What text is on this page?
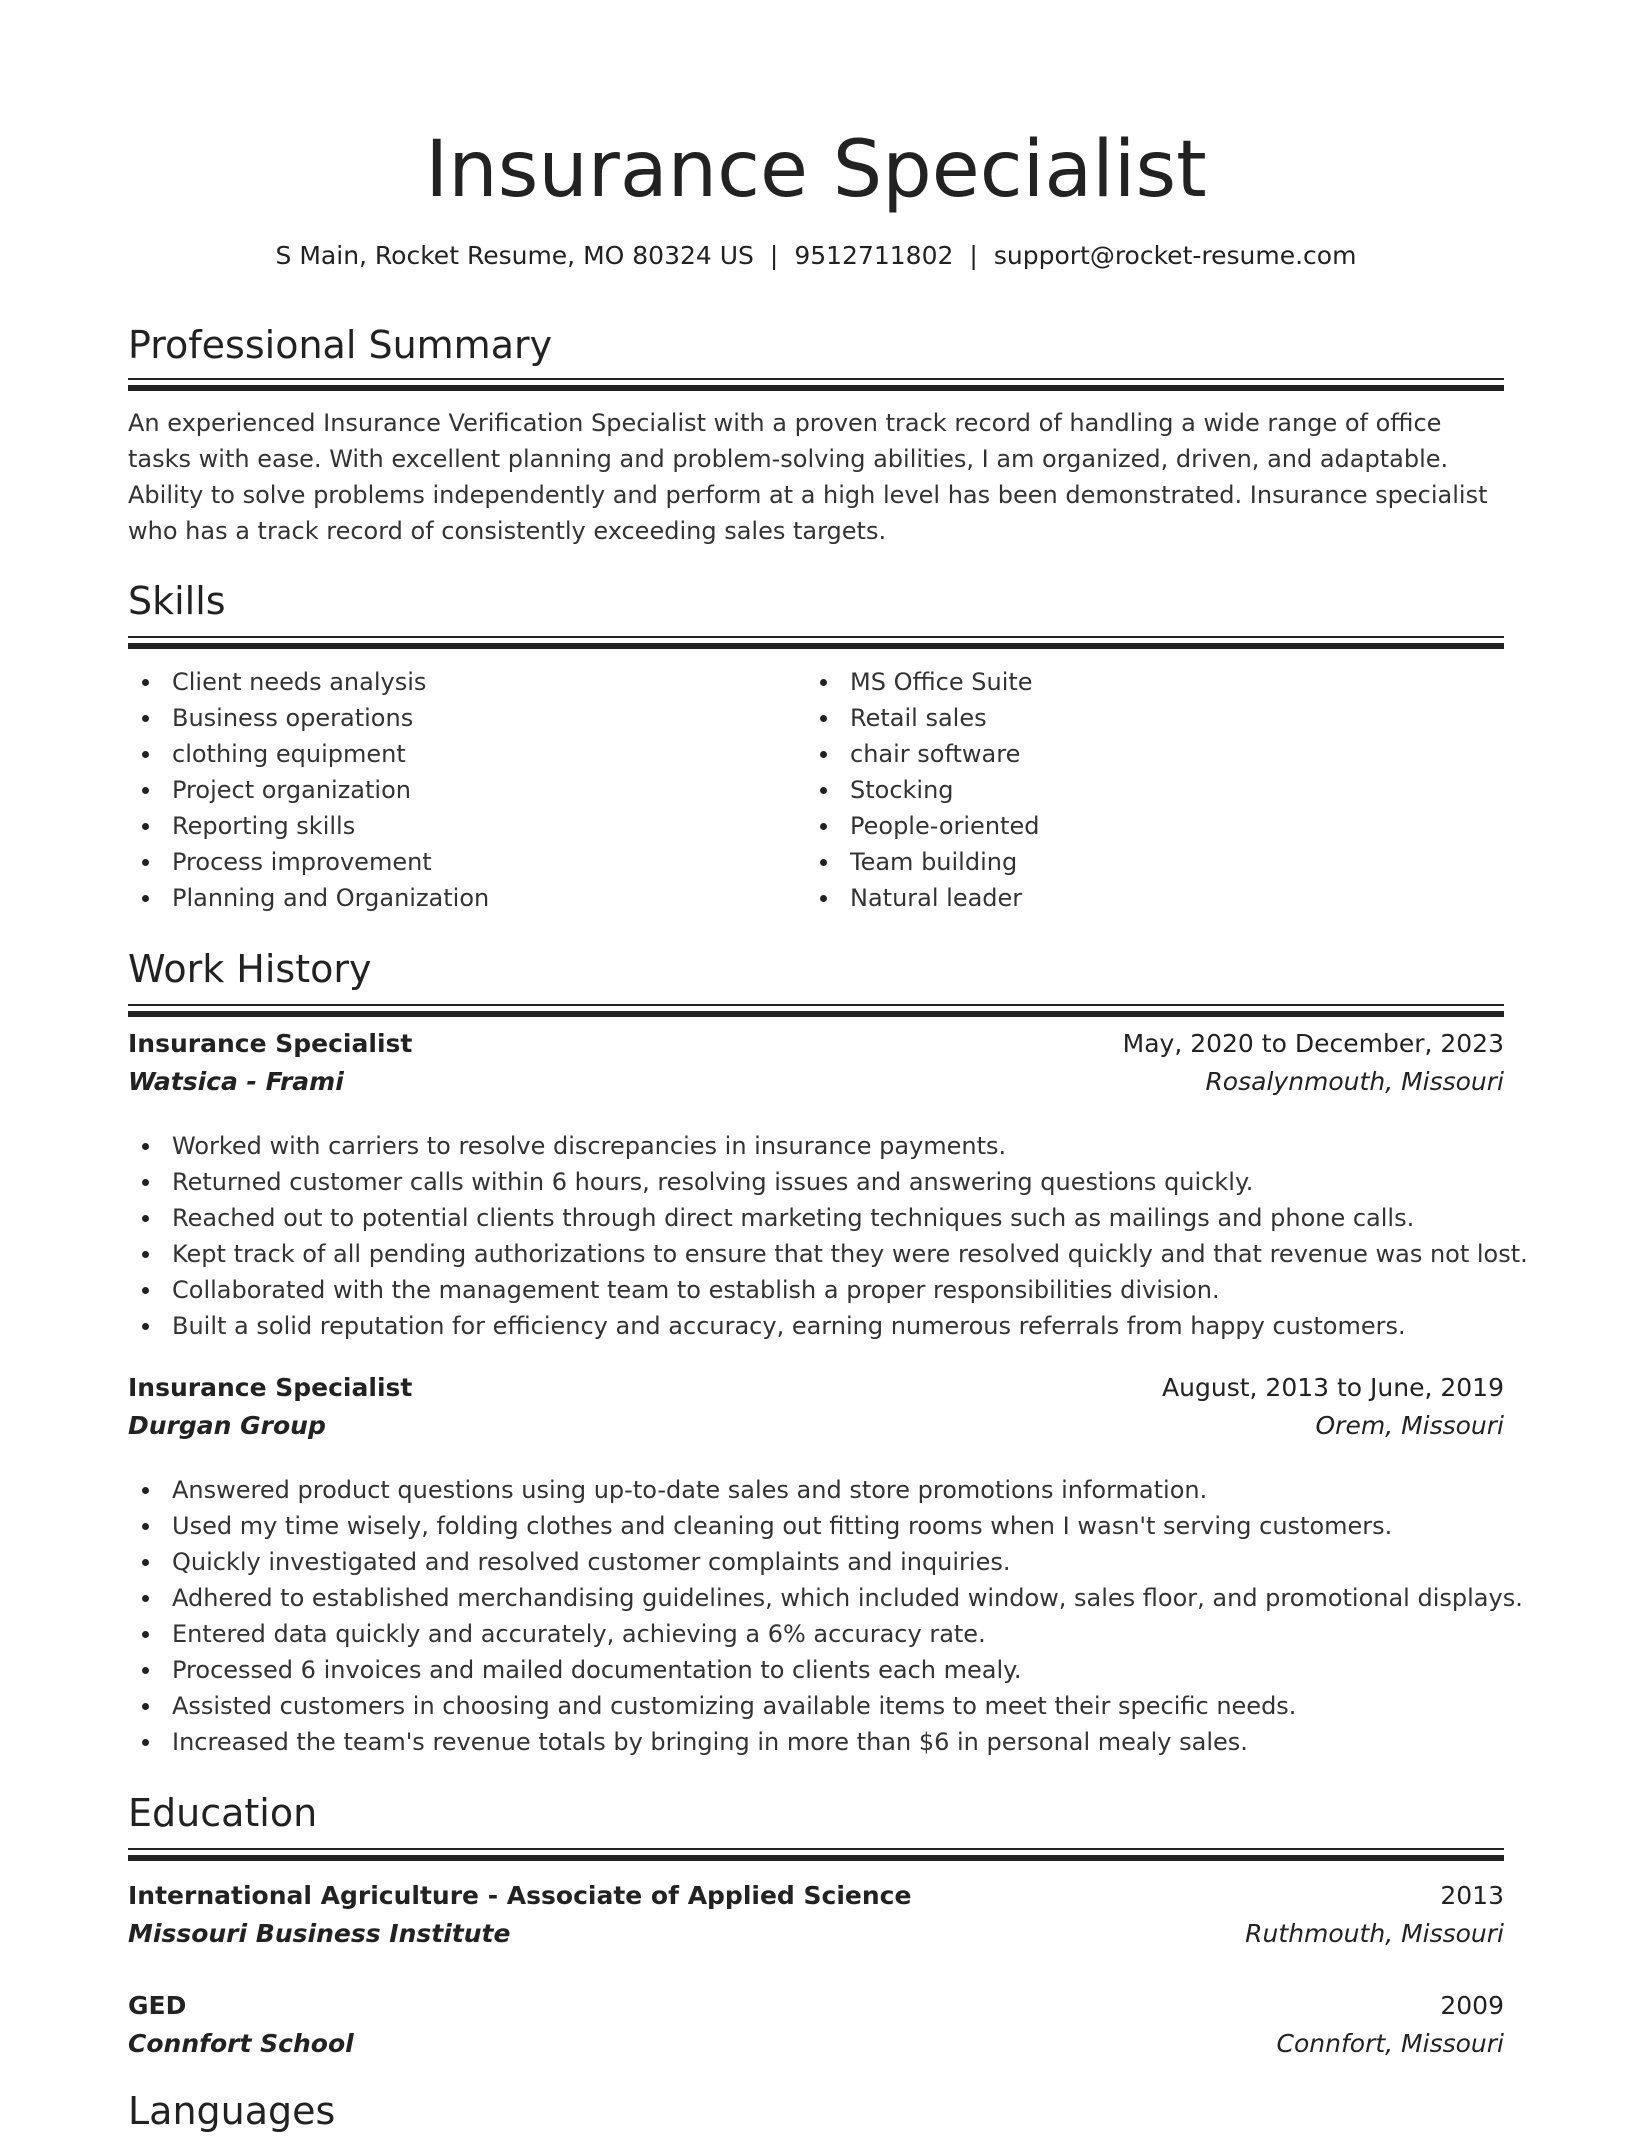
Insurance Specialist
S Main, Rocket Resume, MO 80324 US | 9512711802 | support@rocket-resume.com
Professional Summary

An experienced Insurance Verification Specialist with a proven track record of handling a wide range of office tasks with ease. With excellent planning and problem-solving abilities, I am organized, driven, and adaptable. Ability to solve problems independently and perform at a high level has been demonstrated. Insurance specialist who has a track record of consistently exceeding sales targets.

Skills
Client needs analysis
Business operations
clothing equipment
Project organization
Reporting skills
Process improvement
Planning and Organization
MS Office Suite
Retail sales
chair software
Stocking
People-oriented
Team building
Natural leader
Work History
Insurance Specialist	May, 2020 to December, 2023
Watsica - Frami	Rosalynmouth, Missouri
Worked with carriers to resolve discrepancies in insurance payments.
Returned customer calls within 6 hours, resolving issues and answering questions quickly.
Reached out to potential clients through direct marketing techniques such as mailings and phone calls.
Kept track of all pending authorizations to ensure that they were resolved quickly and that revenue was not lost.
Collaborated with the management team to establish a proper responsibilities division.
Built a solid reputation for efficiency and accuracy, earning numerous referrals from happy customers.
Insurance Specialist	August, 2013 to June, 2019
Durgan Group	Orem, Missouri
Answered product questions using up-to-date sales and store promotions information.
Used my time wisely, folding clothes and cleaning out fitting rooms when I wasn't serving customers.
Quickly investigated and resolved customer complaints and inquiries.
Adhered to established merchandising guidelines, which included window, sales floor, and promotional displays.
Entered data quickly and accurately, achieving a 6% accuracy rate.
Processed 6 invoices and mailed documentation to clients each mealy.
Assisted customers in choosing and customizing available items to meet their specific needs.
Increased the team's revenue totals by bringing in more than $6 in personal mealy sales.
Education
International Agriculture - Associate of Applied Science	2013
Missouri Business Institute	Ruthmouth, Missouri
GED	2009
Connfort School	Connfort, Missouri
Languages
